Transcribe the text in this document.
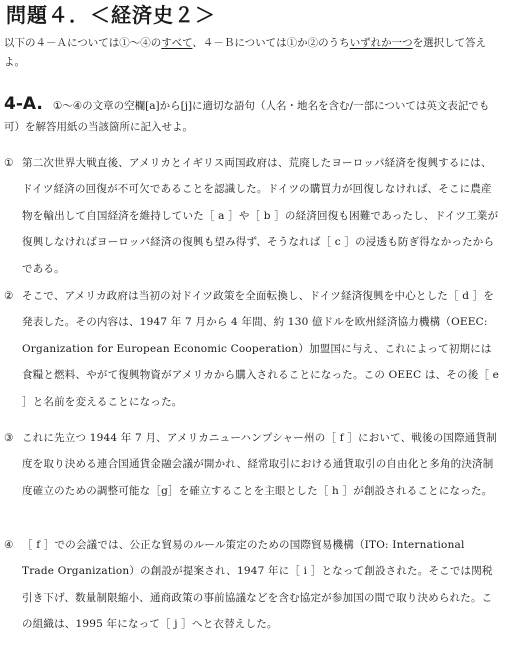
問題４．＜経済史２＞
以下の４－Ａについては①～④のすべて、４－Ｂについては①か②のうちいずれか一つを選択して答えよ。
4-A. ①～④の文章の空欄[a]から[j]に適切な語句（人名・地名を含む/一部については英文表記でも可）を解答用紙の当該箇所に記入せよ。
① 第二次世界大戦直後、アメリカとイギリス両国政府は、荒廃したヨーロッパ経済を復興するには、ドイツ経済の回復が不可欠であることを認識した。ドイツの購買力が回復しなければ、そこに農産物を輸出して自国経済を維持していた［ a ］や［ b ］の経済回復も困難であったし、ドイツ工業が復興しなければヨーロッパ経済の復興も望み得ず、そうなれば［ c ］の浸透も防ぎ得なかったからである。
② そこで、アメリカ政府は当初の対ドイツ政策を全面転換し、ドイツ経済復興を中心とした［ d ］を発表した。その内容は、1947 年 7 月から 4 年間、約 130 億ドルを欧州経済協力機構（OEEC: Organization for European Economic Cooperation）加盟国に与え、これによって初期には食糧と燃料、やがて復興物資がアメリカから購入されることになった。この OEEC は、その後［ e ］と名前を変えることになった。
③ これに先立つ 1944 年 7 月、アメリカニューハンプシャー州の［ f ］において、戦後の国際通貨制度を取り決める連合国通貨金融会議が開かれ、経常取引における通貨取引の自由化と多角的決済制度確立のための調整可能な［g］を確立することを主眼とした［ h ］が創設されることになった。
④ ［ f ］での会議では、公正な貿易のルール策定のための国際貿易機構（ITO: International Trade Organization）の創設が提案され、1947 年に［ i ］となって創設された。そこでは関税引き下げ、数量制限縮小、通商政策の事前協議などを含む協定が参加国の間で取り決められた。この組織は、1995 年になって［ j ］へと衣替えした。
